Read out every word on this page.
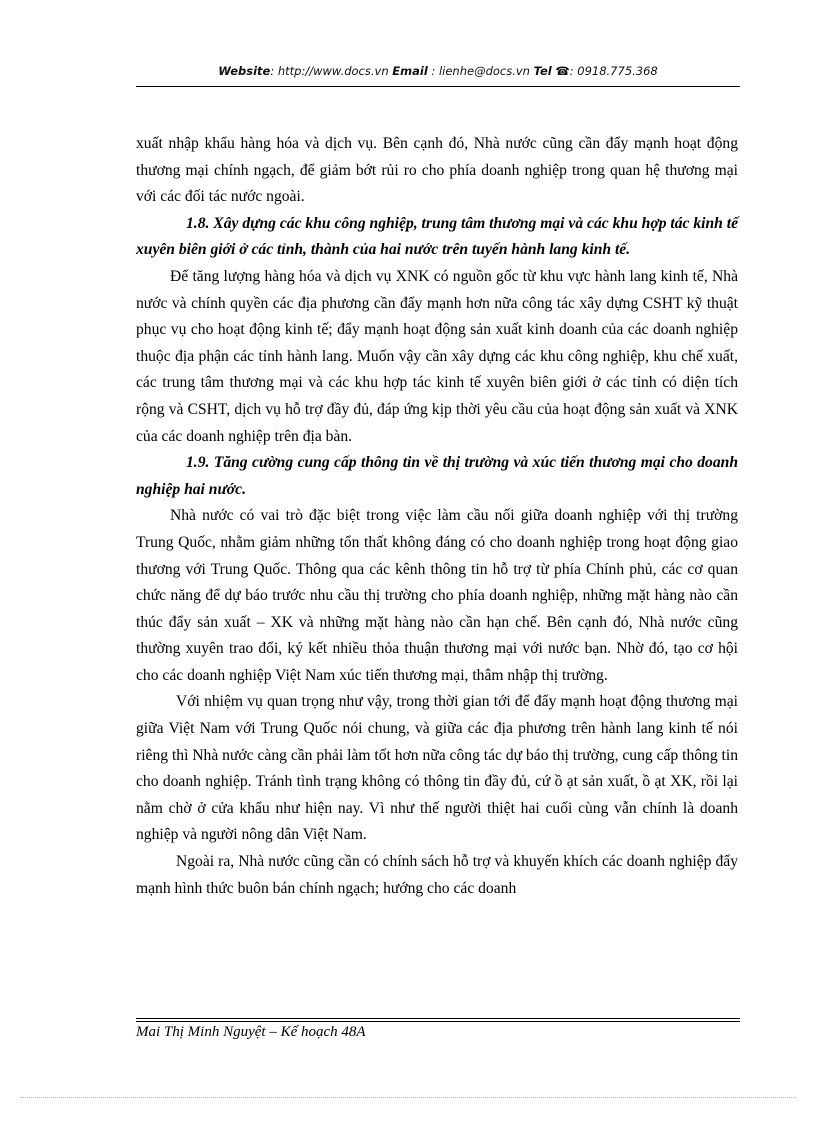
Website: http://www.docs.vn Email : lienhe@docs.vn Tel ☎: 0918.775.368

xuất nhập khẩu hàng hóa và dịch vụ. Bên cạnh đó, Nhà nước cũng cần đẩy mạnh hoạt động thương mại chính ngạch, để giảm bớt rủi ro cho phía doanh nghiệp trong quan hệ thương mại với các đối tác nước ngoài.

1.8. Xây dựng các khu công nghiệp, trung tâm thương mại và các khu hợp tác kinh tế xuyên biên giới ở các tỉnh, thành của hai nước trên tuyến hành lang kinh tế.

Để tăng lượng hàng hóa và dịch vụ XNK có nguồn gốc từ khu vực hành lang kinh tế, Nhà nước và chính quyền các địa phương cần đẩy mạnh hơn nữa công tác xây dựng CSHT kỹ thuật phục vụ cho hoạt động kinh tế; đẩy mạnh hoạt động sản xuất kinh doanh của các doanh nghiệp thuộc địa phận các tỉnh hành lang. Muốn vậy cần xây dựng các khu công nghiệp, khu chế xuất, các trung tâm thương mại và các khu hợp tác kinh tế xuyên biên giới ở các tỉnh có diện tích rộng và CSHT, dịch vụ hỗ trợ đầy đủ, đáp ứng kịp thời yêu cầu của hoạt động sản xuất và XNK của các doanh nghiệp trên địa bàn.

1.9. Tăng cường cung cấp thông tin về thị trường và xúc tiến thương mại cho doanh nghiệp hai nước.

Nhà nước có vai trò đặc biệt trong việc làm cầu nối giữa doanh nghiệp với thị trường Trung Quốc, nhằm giảm những tổn thất không đáng có cho doanh nghiệp trong hoạt động giao thương với Trung Quốc. Thông qua các kênh thông tin hỗ trợ từ phía Chính phủ, các cơ quan chức năng để dự báo trước nhu cầu thị trường cho phía doanh nghiệp, những mặt hàng nào cần thúc đẩy sản xuất – XK và những mặt hàng nào cần hạn chế. Bên cạnh đó, Nhà nước cũng thường xuyên trao đổi, ký kết nhiều thỏa thuận thương mại với nước bạn. Nhờ đó, tạo cơ hội cho các doanh nghiệp Việt Nam xúc tiến thương mại, thâm nhập thị trường.

Với nhiệm vụ quan trọng như vậy, trong thời gian tới để đẩy mạnh hoạt động thương mại giữa Việt Nam với Trung Quốc nói chung, và giữa các địa phương trên hành lang kinh tế nói riêng thì Nhà nước càng cần phải làm tốt hơn nữa công tác dự báo thị trường, cung cấp thông tin cho doanh nghiệp. Tránh tình trạng không có thông tin đầy đủ, cứ ồ ạt sản xuất, ồ ạt XK, rồi lại nằm chờ ở cửa khẩu như hiện nay. Vì như thế người thiệt hai cuối cùng vẫn chính là doanh nghiệp và người nông dân Việt Nam.

Ngoài ra, Nhà nước cũng cần có chính sách hỗ trợ và khuyến khích các doanh nghiệp đẩy mạnh hình thức buôn bán chính ngạch; hướng cho các doanh

Mai Thị Minh Nguyệt – Kế hoạch 48A
